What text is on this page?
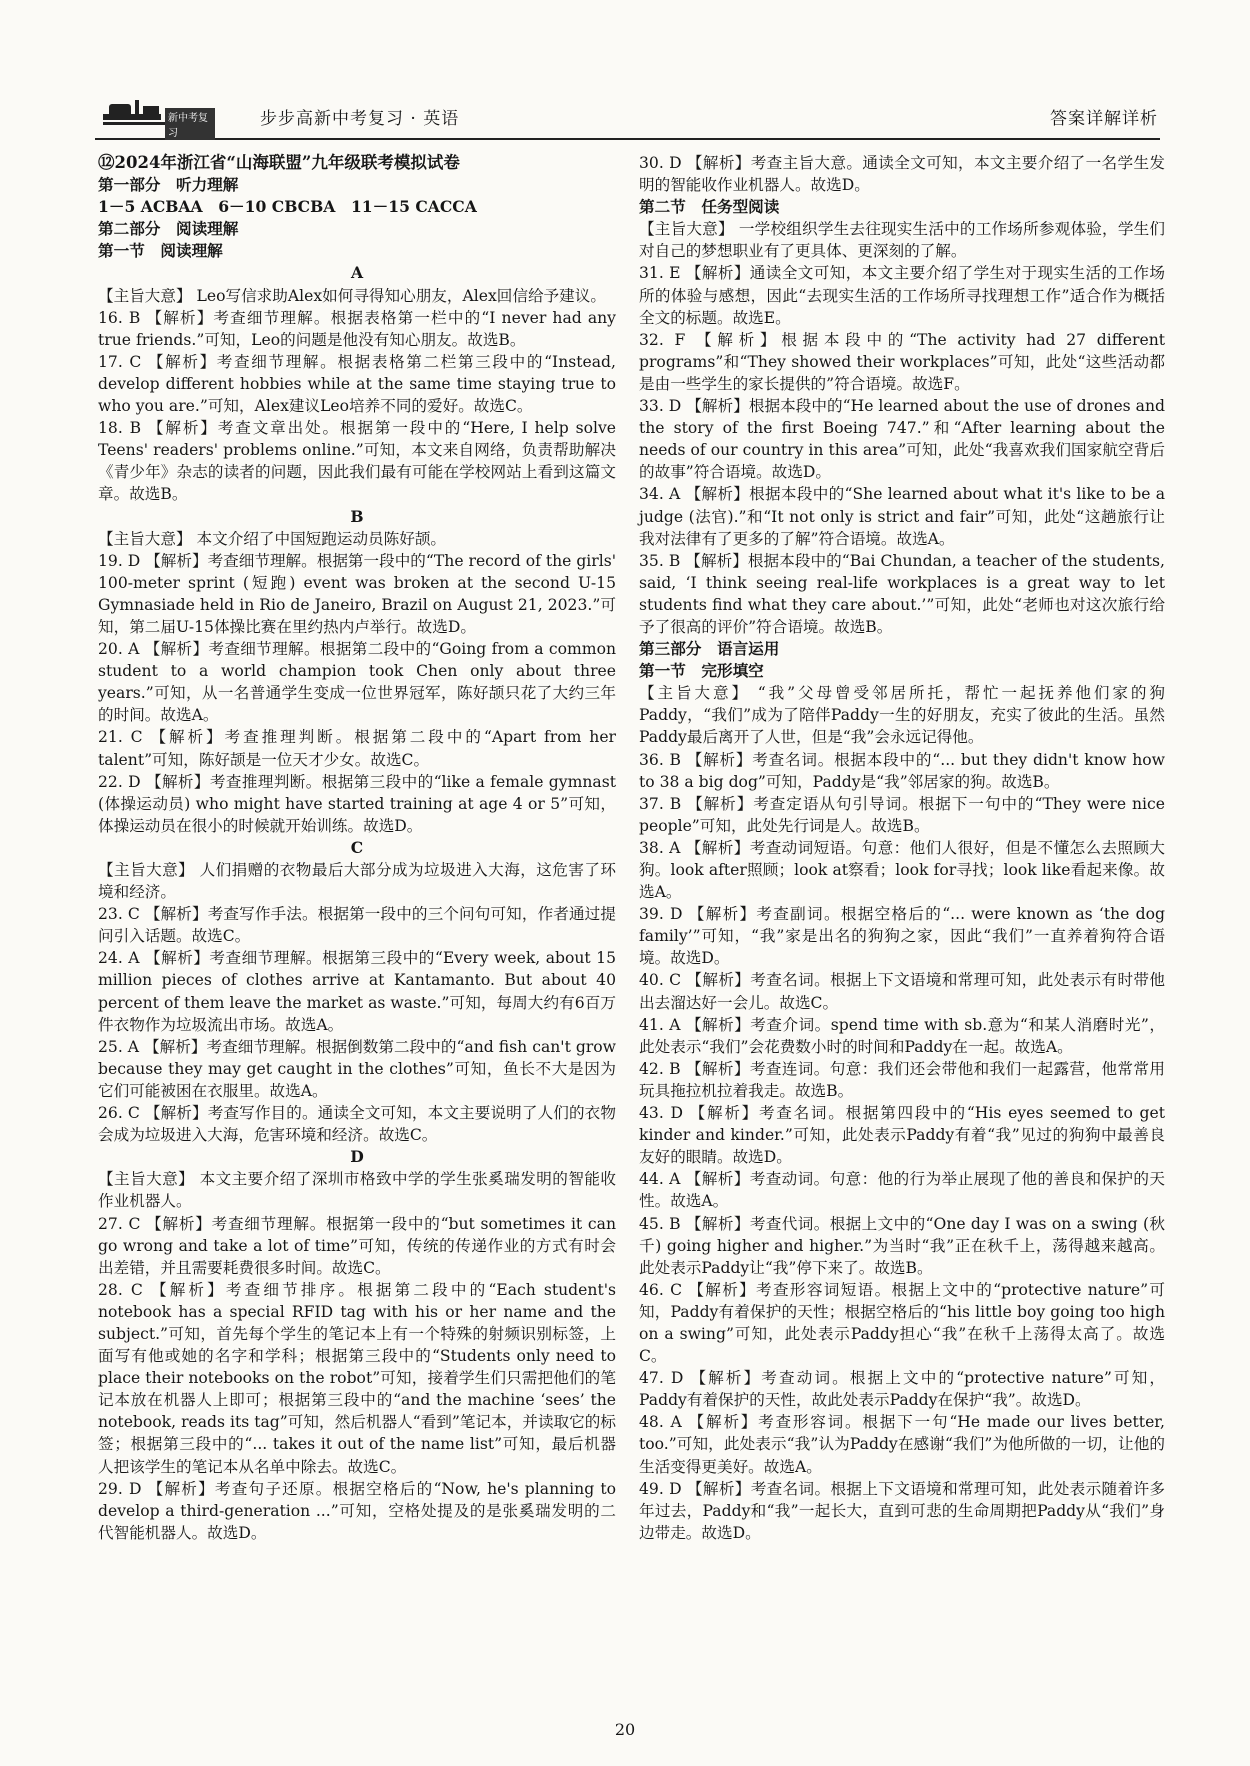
新中考复习
步步高新中考复习 · 英语	答案详解详析

⑫2024年浙江省“山海联盟”九年级联考模拟试卷

第一部分　听力理解

1－5 ACBAA　6－10 CBCBA　11－15 CACCA

第二部分　阅读理解

第一节　阅读理解

A

【主旨大意】 Leo写信求助Alex如何寻得知心朋友，Alex回信给予建议。

16. B 【解析】考查细节理解。根据表格第一栏中的“I never had any true friends.”可知，Leo的问题是他没有知心朋友。故选B。

17. C 【解析】考查细节理解。根据表格第二栏第三段中的“Instead, develop different hobbies while at the same time staying true to who you are.”可知，Alex建议Leo培养不同的爱好。故选C。

18. B 【解析】考查文章出处。根据第一段中的“Here, I help solve Teens' readers' problems online.”可知，本文来自网络，负责帮助解决《青少年》杂志的读者的问题，因此我们最有可能在学校网站上看到这篇文章。故选B。

B

【主旨大意】 本文介绍了中国短跑运动员陈好颉。

19. D 【解析】考查细节理解。根据第一段中的“The record of the girls' 100-meter sprint (短跑) event was broken at the second U-15 Gymnasiade held in Rio de Janeiro, Brazil on August 21, 2023.”可知，第二届U-15体操比赛在里约热内卢举行。故选D。

20. A 【解析】考查细节理解。根据第二段中的“Going from a common student to a world champion took Chen only about three years.”可知，从一名普通学生变成一位世界冠军，陈好颉只花了大约三年的时间。故选A。

21. C 【解析】考查推理判断。根据第二段中的“Apart from her talent”可知，陈好颉是一位天才少女。故选C。

22. D 【解析】考查推理判断。根据第三段中的“like a female gymnast (体操运动员) who might have started training at age 4 or 5”可知，体操运动员在很小的时候就开始训练。故选D。

C

【主旨大意】 人们捐赠的衣物最后大部分成为垃圾进入大海，这危害了环境和经济。

23. C 【解析】考查写作手法。根据第一段中的三个问句可知，作者通过提问引入话题。故选C。

24. A 【解析】考查细节理解。根据第三段中的“Every week, about 15 million pieces of clothes arrive at Kantamanto. But about 40 percent of them leave the market as waste.”可知，每周大约有6百万件衣物作为垃圾流出市场。故选A。

25. A 【解析】考查细节理解。根据倒数第二段中的“and fish can't grow because they may get caught in the clothes”可知，鱼长不大是因为它们可能被困在衣服里。故选A。

26. C 【解析】考查写作目的。通读全文可知，本文主要说明了人们的衣物会成为垃圾进入大海，危害环境和经济。故选C。

D

【主旨大意】 本文主要介绍了深圳市格致中学的学生张奚瑞发明的智能收作业机器人。

27. C 【解析】考查细节理解。根据第一段中的“but sometimes it can go wrong and take a lot of time”可知，传统的传递作业的方式有时会出差错，并且需要耗费很多时间。故选C。

28. C 【解析】考查细节排序。根据第二段中的“Each student's notebook has a special RFID tag with his or her name and the subject.”可知，首先每个学生的笔记本上有一个特殊的射频识别标签，上面写有他或她的名字和学科；根据第三段中的“Students only need to place their notebooks on the robot”可知，接着学生们只需把他们的笔记本放在机器人上即可；根据第三段中的“and the machine ‘sees’ the notebook, reads its tag”可知，然后机器人“看到”笔记本，并读取它的标签；根据第三段中的“... takes it out of the name list”可知，最后机器人把该学生的笔记本从名单中除去。故选C。

29. D 【解析】考查句子还原。根据空格后的“Now, he's planning to develop a third-generation ...”可知，空格处提及的是张奚瑞发明的二代智能机器人。故选D。

30. D 【解析】考查主旨大意。通读全文可知，本文主要介绍了一名学生发明的智能收作业机器人。故选D。

第二节　任务型阅读

【主旨大意】 一学校组织学生去往现实生活中的工作场所参观体验，学生们对自己的梦想职业有了更具体、更深刻的了解。

31. E 【解析】通读全文可知，本文主要介绍了学生对于现实生活的工作场所的体验与感想，因此“去现实生活的工作场所寻找理想工作”适合作为概括全文的标题。故选E。

32. F 【解析】根据本段中的“The activity had 27 different programs”和“They showed their workplaces”可知，此处“这些活动都是由一些学生的家长提供的”符合语境。故选F。

33. D 【解析】根据本段中的“He learned about the use of drones and the story of the first Boeing 747.”和“After learning about the needs of our country in this area”可知，此处“我喜欢我们国家航空背后的故事”符合语境。故选D。

34. A 【解析】根据本段中的“She learned about what it's like to be a judge (法官).”和“It not only is strict and fair”可知，此处“这趟旅行让我对法律有了更多的了解”符合语境。故选A。

35. B 【解析】根据本段中的“Bai Chundan, a teacher of the students, said, ‘I think seeing real-life workplaces is a great way to let students find what they care about.’”可知，此处“老师也对这次旅行给予了很高的评价”符合语境。故选B。

第三部分　语言运用

第一节　完形填空

【主旨大意】 “我”父母曾受邻居所托，帮忙一起抚养他们家的狗Paddy，“我们”成为了陪伴Paddy一生的好朋友，充实了彼此的生活。虽然Paddy最后离开了人世，但是“我”会永远记得他。

36. B 【解析】考查名词。根据本段中的“... but they didn't know how to 38 a big dog”可知，Paddy是“我”邻居家的狗。故选B。

37. B 【解析】考查定语从句引导词。根据下一句中的“They were nice people”可知，此处先行词是人。故选B。

38. A 【解析】考查动词短语。句意：他们人很好，但是不懂怎么去照顾大狗。look after照顾；look at察看；look for寻找；look like看起来像。故选A。

39. D 【解析】考查副词。根据空格后的“... were known as ‘the dog family’”可知，“我”家是出名的狗狗之家，因此“我们”一直养着狗符合语境。故选D。

40. C 【解析】考查名词。根据上下文语境和常理可知，此处表示有时带他出去溜达好一会儿。故选C。

41. A 【解析】考查介词。spend time with sb.意为“和某人消磨时光”，此处表示“我们”会花费数小时的时间和Paddy在一起。故选A。

42. B 【解析】考查连词。句意：我们还会带他和我们一起露营，他常常用玩具拖拉机拉着我走。故选B。

43. D 【解析】考查名词。根据第四段中的“His eyes seemed to get kinder and kinder.”可知，此处表示Paddy有着“我”见过的狗狗中最善良友好的眼睛。故选D。

44. A 【解析】考查动词。句意：他的行为举止展现了他的善良和保护的天性。故选A。

45. B 【解析】考查代词。根据上文中的“One day I was on a swing (秋千) going higher and higher.”为当时“我”正在秋千上，荡得越来越高。此处表示Paddy让“我”停下来了。故选B。

46. C 【解析】考查形容词短语。根据上文中的“protective nature”可知，Paddy有着保护的天性；根据空格后的“his little boy going too high on a swing”可知，此处表示Paddy担心“我”在秋千上荡得太高了。故选C。

47. D 【解析】考查动词。根据上文中的“protective nature”可知，Paddy有着保护的天性，故此处表示Paddy在保护“我”。故选D。

48. A 【解析】考查形容词。根据下一句“He made our lives better, too.”可知，此处表示“我”认为Paddy在感谢“我们”为他所做的一切，让他的生活变得更美好。故选A。

49. D 【解析】考查名词。根据上下文语境和常理可知，此处表示随着许多年过去，Paddy和“我”一起长大，直到可悲的生命周期把Paddy从“我们”身边带走。故选D。

20
